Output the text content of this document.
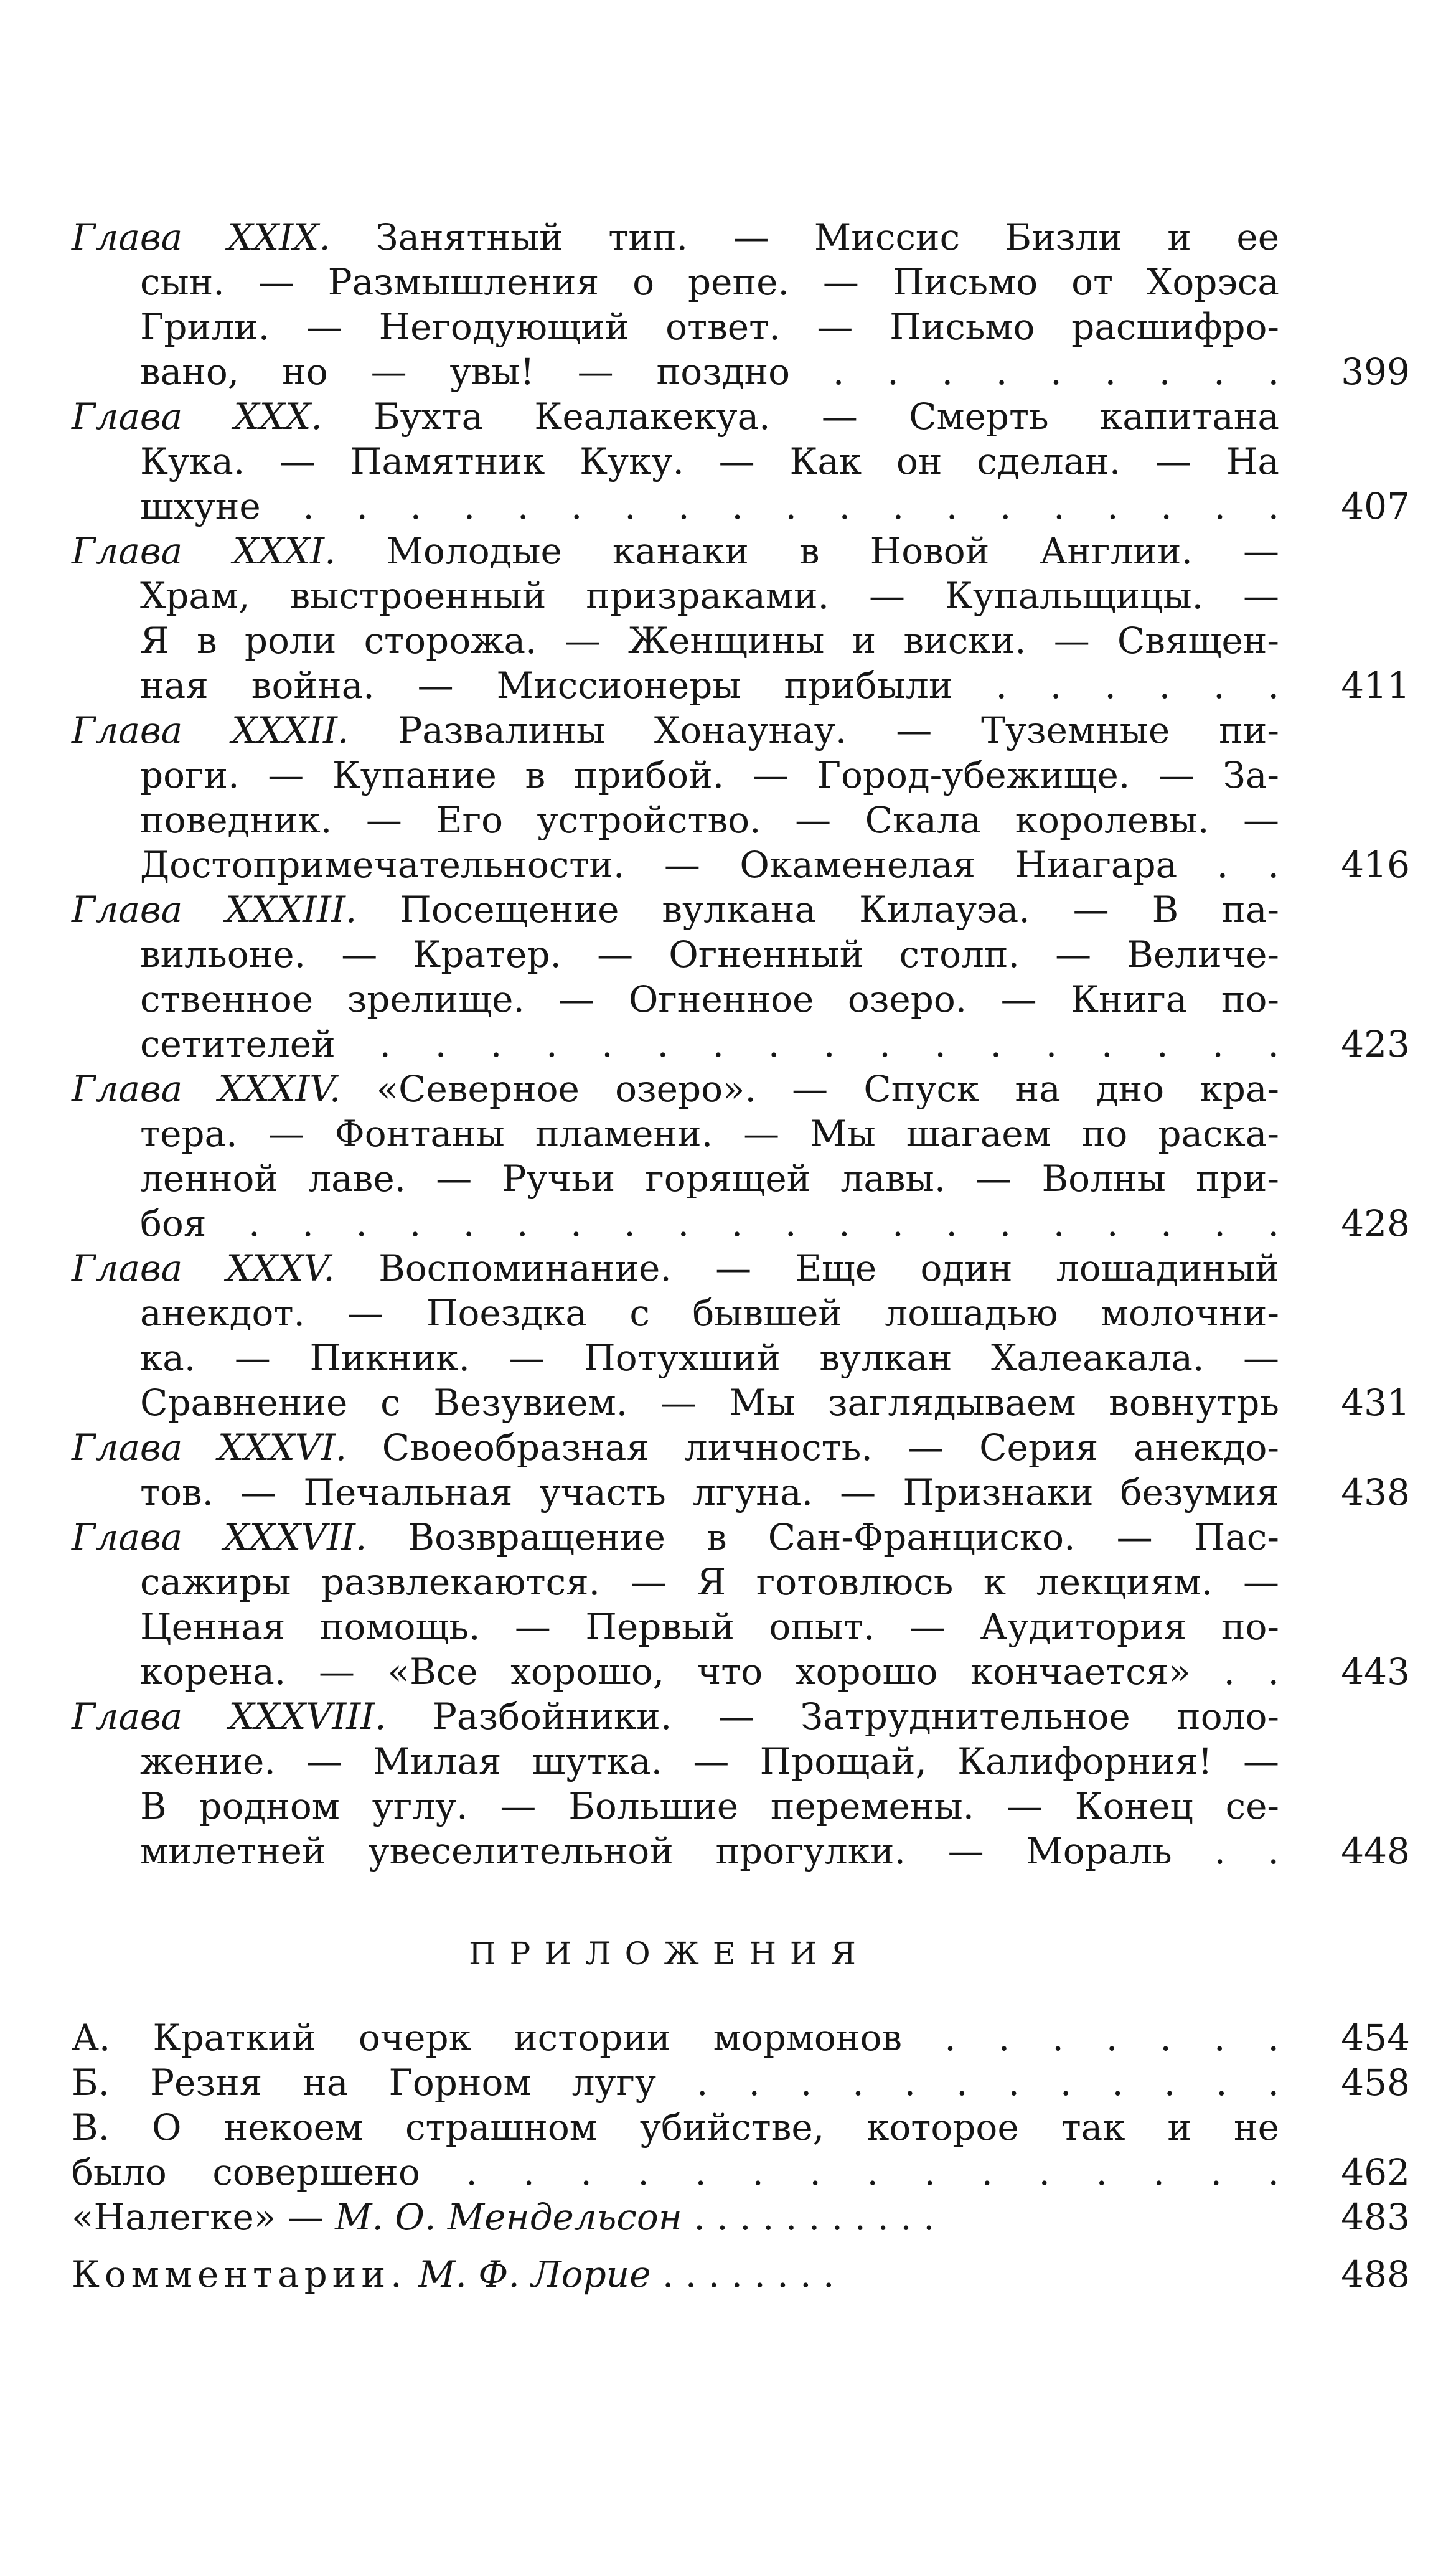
Глава XXIX. Занятный тип. — Миссис Бизли и ее
сын. — Размышления о репе. — Письмо от Хорэса
Грили. — Негодующий ответ. — Письмо расшифро-
вано, но — увы! — поздно . . . . . . . . .	399
Глава XXX. Бухта Кеалакекуа. — Смерть капитана
Кука. — Памятник Куку. — Как он сделан. — На
шхуне . . . . . . . . . . . . . . . . . . .	407
Глава XXXI. Молодые канаки в Новой Англии. —
Храм, выстроенный призраками. — Купальщицы. —
Я в роли сторожа. — Женщины и виски. — Священ-
ная война. — Миссионеры прибыли . . . . . .	411
Глава XXXII. Развалины Хонаунау. — Туземные пи-
роги. — Купание в прибой. — Город-убежище. — За-
поведник. — Его устройство. — Скала королевы. —
Достопримечательности. — Окаменелая Ниагара . .	416
Глава XXXIII. Посещение вулкана Килауэа. — В па-
вильоне. — Кратер. — Огненный столп. — Величе-
ственное зрелище. — Огненное озеро. — Книга по-
сетителей . . . . . . . . . . . . . . . . .	423
Глава XXXIV. «Северное озеро». — Спуск на дно кра-
тера. — Фонтаны пламени. — Мы шагаем по раска-
ленной лаве. — Ручьи горящей лавы. — Волны при-
боя . . . . . . . . . . . . . . . . . . . .	428
Глава XXXV. Воспоминание. — Еще один лошадиный
анекдот. — Поездка с бывшей лошадью молочни-
ка. — Пикник. — Потухший вулкан Халеакала. —
Сравнение с Везувием. — Мы заглядываем вовнутрь	431
Глава XXXVI. Своеобразная личность. — Серия анекдо-
тов. — Печальная участь лгуна. — Признаки безумия	438
Глава XXXVII. Возвращение в Сан-Франциско. — Пас-
сажиры развлекаются. — Я готовлюсь к лекциям. —
Ценная помощь. — Первый опыт. — Аудитория по-
корена. — «Все хорошо, что хорошо кончается» . .	443
Глава XXXVIII. Разбойники. — Затруднительное поло-
жение. — Милая шутка. — Прощай, Калифорния! —
В родном углу. — Большие перемены. — Конец се-
милетней увеселительной прогулки. — Мораль . .	448
ПРИЛОЖЕНИЯ
А. Краткий очерк истории мормонов . . . . . . .	454
Б. Резня на Горном лугу . . . . . . . . . . . .	458
В. О некоем страшном убийстве, которое так и не
было совершено . . . . . . . . . . . . . . .	462
«Налегке» — М. О. Мендельсон . . . . . . . . . . .	483
Комментарии. М. Ф. Лорие . . . . . . . .	488
